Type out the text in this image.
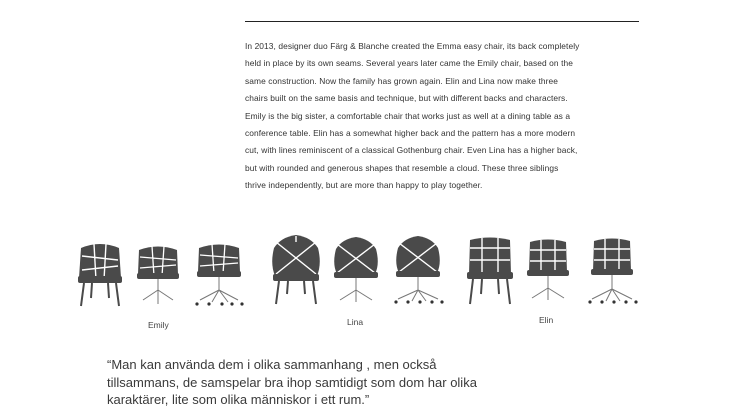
In 2013, designer duo Färg & Blanche created the Emma easy chair, its back completely
held in place by its own seams. Several years later came the Emily chair, based on the
same construction. Now the family has grown again. Elin and Lina now make three
chairs built on the same basis and technique, but with different backs and characters.
Emily is the big sister, a comfortable chair that works just as well at a dining table as a
conference table. Elin has a somewhat higher back and the pattern has a more modern
cut, with lines reminiscent of a classical Gothenburg chair. Even Lina has a higher back,
but with rounded and generous shapes that resemble a cloud. These three siblings
thrive independently, but are more than happy to play together.
Emily	Lina	Elin
“Man kan använda dem i olika sammanhang , men också
tillsammans, de samspelar bra ihop samtidigt som dom har olika
karaktärer, lite som olika människor i ett rum.”
